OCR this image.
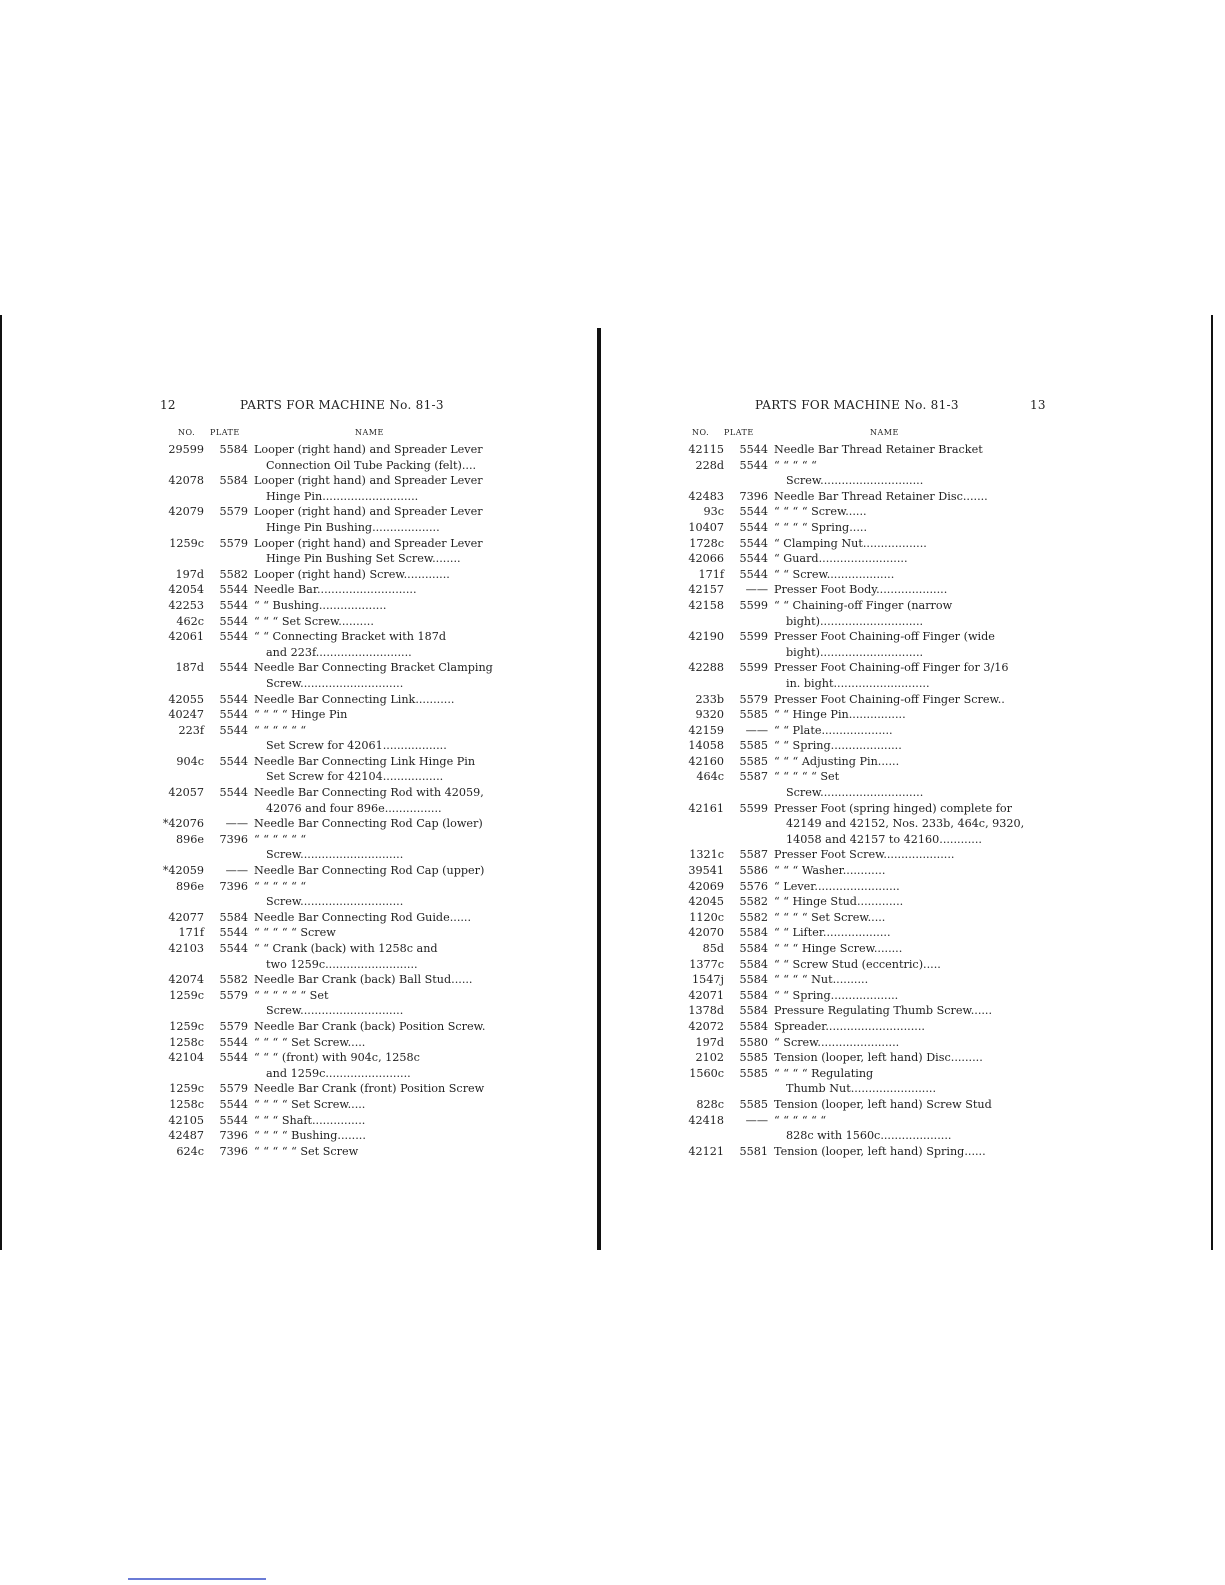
12	PARTS FOR MACHINE No. 81-3
NO. PLATE	NAME
29599	5584 Looper (right hand) and Spreader Lever
Connection Oil Tube Packing (felt)....
42078	5584 Looper (right hand) and Spreader Lever
Hinge Pin...........................
42079	5579 Looper (right hand) and Spreader Lever
Hinge Pin Bushing...................
1259c	5579 Looper (right hand) and Spreader Lever
Hinge Pin Bushing Set Screw........
197d	5582 Looper (right hand) Screw.............
42054	5544 Needle Bar............................
42253	5544 “ “ Bushing...................
462c	5544 “ “ “ Set Screw..........
42061	5544 “ “ Connecting Bracket with 187d
and 223f...........................
187d	5544 Needle Bar Connecting Bracket Clamping
Screw.............................
42055	5544 Needle Bar Connecting Link...........
40247	5544 “ “ “ “ Hinge Pin
223f	5544 “ “ “ “ “ “
Set Screw for 42061..................
904c	5544 Needle Bar Connecting Link Hinge Pin
Set Screw for 42104.................
42057	5544 Needle Bar Connecting Rod with 42059,
42076 and four 896e................
*42076	—— Needle Bar Connecting Rod Cap (lower)
896e	7396 “ “ “ “ “ “
Screw.............................
*42059	—— Needle Bar Connecting Rod Cap (upper)
896e	7396 “ “ “ “ “ “
Screw.............................
42077	5584 Needle Bar Connecting Rod Guide......
171f	5544 “ “ “ “ “ Screw
42103	5544 “ “ Crank (back) with 1258c and
two 1259c..........................
42074	5582 Needle Bar Crank (back) Ball Stud......
1259c	5579 “ “ “ “ “ “ Set
Screw.............................
1259c	5579 Needle Bar Crank (back) Position Screw.
1258c	5544 “ “ “ “ Set Screw.....
42104	5544 “ “ “ (front) with 904c, 1258c
and 1259c........................
1259c	5579 Needle Bar Crank (front) Position Screw
1258c	5544 “ “ “ “ Set Screw.....
42105	5544 “ “ “ Shaft...............
42487	7396 “ “ “ “ Bushing........
624c	7396 “ “ “ “ “ Set Screw
PARTS FOR MACHINE No. 81-3	13
NO. PLATE	NAME
42115	5544 Needle Bar Thread Retainer Bracket
228d	5544 “ “ “ “ “
Screw.............................
42483	7396 Needle Bar Thread Retainer Disc.......
93c	5544 “ “ “ “ Screw......
10407	5544 “ “ “ “ Spring.....
1728c	5544 “ Clamping Nut..................
42066	5544 “ Guard.........................
171f	5544 “ “ Screw...................
42157	—— Presser Foot Body....................
42158	5599 “ “ Chaining-off Finger (narrow
bight).............................
42190	5599 Presser Foot Chaining-off Finger (wide
bight).............................
42288	5599 Presser Foot Chaining-off Finger for 3/16
in. bight...........................
233b	5579 Presser Foot Chaining-off Finger Screw..
9320	5585 “ “ Hinge Pin................
42159	—— “ “ Plate....................
14058	5585 “ “ Spring....................
42160	5585 “ “ “ Adjusting Pin......
464c	5587 “ “ “ “ “ Set
Screw.............................
42161	5599 Presser Foot (spring hinged) complete for
42149 and 42152, Nos. 233b, 464c, 9320,
14058 and 42157 to 42160............
1321c	5587 Presser Foot Screw....................
39541	5586 “ “ “ Washer............
42069	5576 “ Lever........................
42045	5582 “ “ Hinge Stud.............
1120c	5582 “ “ “ “ Set Screw.....
42070	5584 “ “ Lifter...................
85d	5584 “ “ “ Hinge Screw........
1377c	5584 “ “ Screw Stud (eccentric).....
1547j	5584 “ “ “ “ Nut..........
42071	5584 “ “ Spring...................
1378d	5584 Pressure Regulating Thumb Screw......
42072	5584 Spreader............................
197d	5580 “ Screw.......................
2102	5585 Tension (looper, left hand) Disc.........
1560c	5585 “ “ “ “ Regulating
Thumb Nut........................
828c	5585 Tension (looper, left hand) Screw Stud
42418	—— “ “ “ “ “ “
828c with 1560c....................
42121	5581 Tension (looper, left hand) Spring......
